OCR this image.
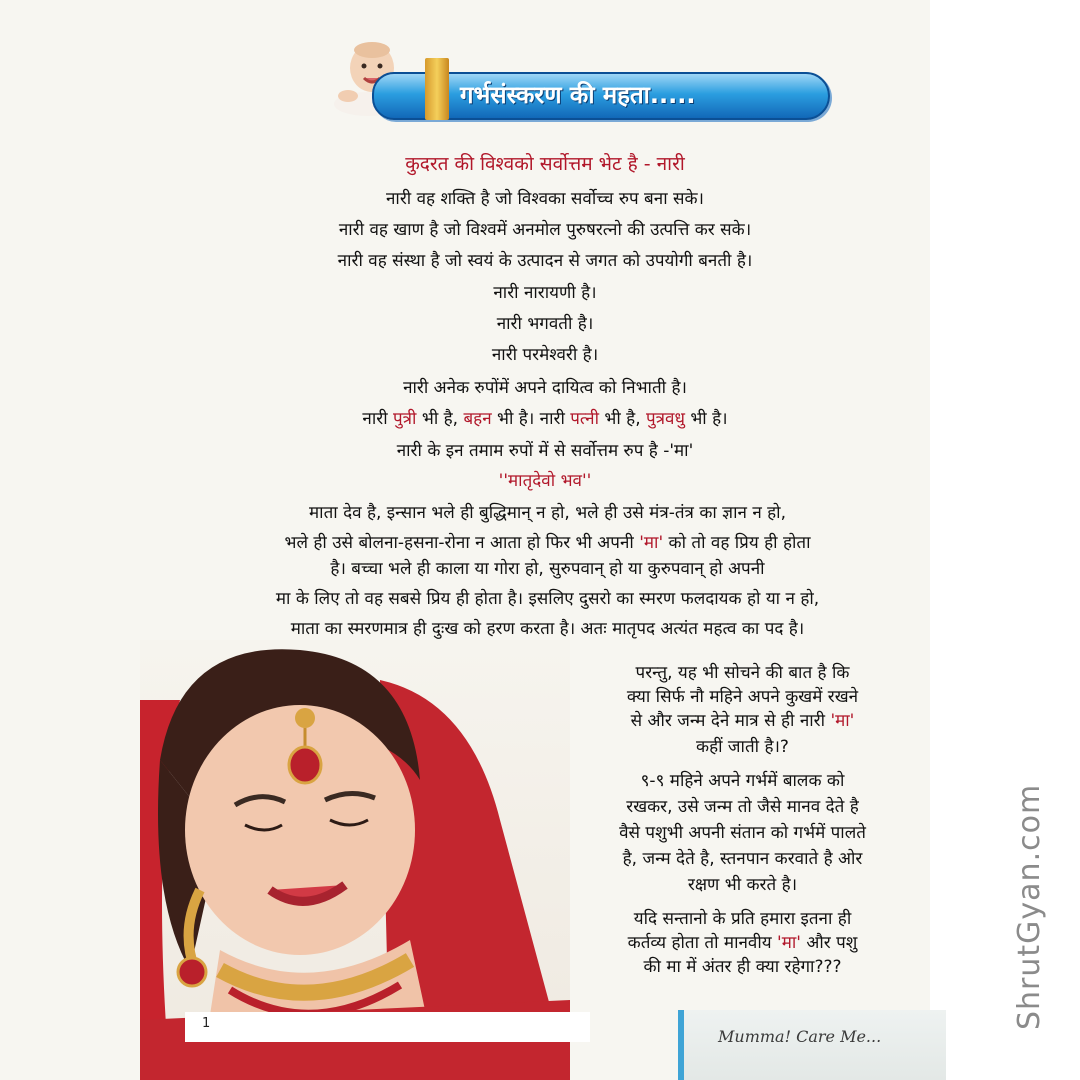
गर्भसंस्करण की महता.....
कुदरत की विश्वको सर्वोत्तम भेट है - नारी
नारी वह शक्ति है जो विश्वका सर्वोच्च रुप बना सके।
नारी वह खाण है जो विश्वमें अनमोल पुरुषरत्नो की उत्पत्ति कर सके।
नारी वह संस्था है जो स्वयं के उत्पादन से जगत को उपयोगी बनती है।
नारी नारायणी है।
नारी भगवती है।
नारी परमेश्वरी है।
नारी अनेक रुपोंमें अपने दायित्व को निभाती है।
नारी पुत्री भी है, बहन भी है। नारी पत्नी भी है, पुत्रवधु भी है।
नारी के इन तमाम रुपों में से सर्वोत्तम रुप है -'मा'
''मातृदेवो भव''
माता देव है, इन्सान भले ही बुद्धिमान् न हो, भले ही उसे मंत्र-तंत्र का ज्ञान न हो,
भले ही उसे बोलना-हसना-रोना न आता हो फिर भी अपनी 'मा' को तो वह प्रिय ही होता
है। बच्चा भले ही काला या गोरा हो, सुरुपवान् हो या कुरुपवान् हो अपनी
मा के लिए तो वह सबसे प्रिय ही होता है। इसलिए दुसरो का स्मरण फलदायक हो या न हो,
माता का स्मरणमात्र ही दुःख को हरण करता है। अतः मातृपद अत्यंत महत्व का पद है।
परन्तु, यह भी सोचने की बात है कि
क्या सिर्फ नौ महिने अपने कुखमें रखने
से और जन्म देने मात्र से ही नारी 'मा'
कहीं जाती है।?
९-९ महिने अपने गर्भमें बालक को
रखकर, उसे जन्म तो जैसे मानव देते है
वैसे पशुभी अपनी संतान को गर्भमें पालते
है, जन्म देते है, स्तनपान करवाते है ओर
रक्षण भी करते है।
यदि सन्तानो के प्रति हमारा इतना ही
कर्तव्य होता तो मानवीय 'मा' और पशु
की मा में अंतर ही क्या रहेगा???
1
Mumma! Care Me...
ShrutGyan.com
